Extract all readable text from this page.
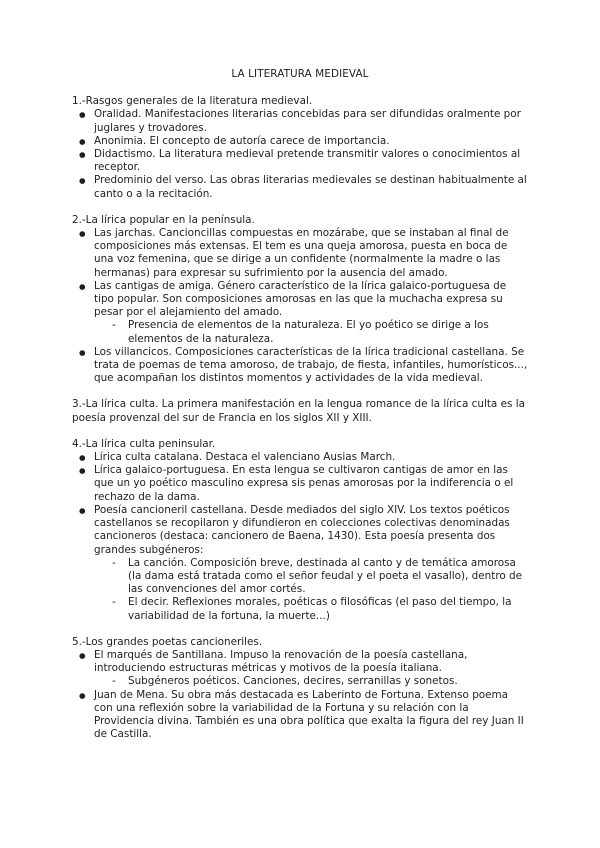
LA LITERATURA MEDIEVAL
1.-Rasgos generales de la literatura medieval.
● Oralidad. Manifestaciones literarias concebidas para ser difundidas oralmente por juglares y trovadores.
● Anonimia. El concepto de autoría carece de importancia.
● Didactismo. La literatura medieval pretende transmitir valores o conocimientos al receptor.
● Predominio del verso. Las obras literarias medievales se destinan habitualmente al canto o a la recitación.
2.-La lírica popular en la península.
● Las jarchas. Cancioncillas compuestas en mozárabe, que se instaban al final de composiciones más extensas. El tem es una queja amorosa, puesta en boca de una voz femenina, que se dirige a un confidente (normalmente la madre o las hermanas) para expresar su sufrimiento por la ausencia del amado.
● Las cantigas de amiga. Género característico de la lírica galaico-portuguesa de tipo popular. Son composiciones amorosas en las que la muchacha expresa su pesar por el alejamiento del amado.
- Presencia de elementos de la naturaleza. El yo poético se dirige a los elementos de la naturaleza.
● Los villancicos. Composiciones características de la lírica tradicional castellana. Se trata de poemas de tema amoroso, de trabajo, de fiesta, infantiles, humorísticos..., que acompañan los distintos momentos y actividades de la vida medieval.
3.-La lírica culta. La primera manifestación en la lengua romance de la lírica culta es la poesía provenzal del sur de Francia en los siglos XII y XIII.
4.-La lírica culta peninsular.
● Lírica culta catalana. Destaca el valenciano Ausias March.
● Lírica galaico-portuguesa. En esta lengua se cultivaron cantigas de amor en las que un yo poético masculino expresa sis penas amorosas por la indiferencia o el rechazo de la dama.
● Poesía cancioneril castellana. Desde mediados del siglo XIV. Los textos poéticos castellanos se recopilaron y difundieron en colecciones colectivas denominadas cancioneros (destaca: cancionero de Baena, 1430). Esta poesía presenta dos grandes subgéneros:
- La canción. Composición breve, destinada al canto y de temática amorosa (la dama está tratada como el señor feudal y el poeta el vasallo), dentro de las convenciones del amor cortés.
- El decir. Reflexiones morales, poéticas o filosóficas (el paso del tiempo, la variabilidad de la fortuna, la muerte...)
5.-Los grandes poetas cancioneriles.
● El marqués de Santillana. Impuso la renovación de la poesía castellana, introduciendo estructuras métricas y motivos de la poesía italiana.
- Subgéneros poéticos. Canciones, decires, serranillas y sonetos.
● Juan de Mena. Su obra más destacada es Laberinto de Fortuna. Extenso poema con una reflexión sobre la variabilidad de la Fortuna y su relación con la Providencia divina. También es una obra política que exalta la figura del rey Juan II de Castilla.
